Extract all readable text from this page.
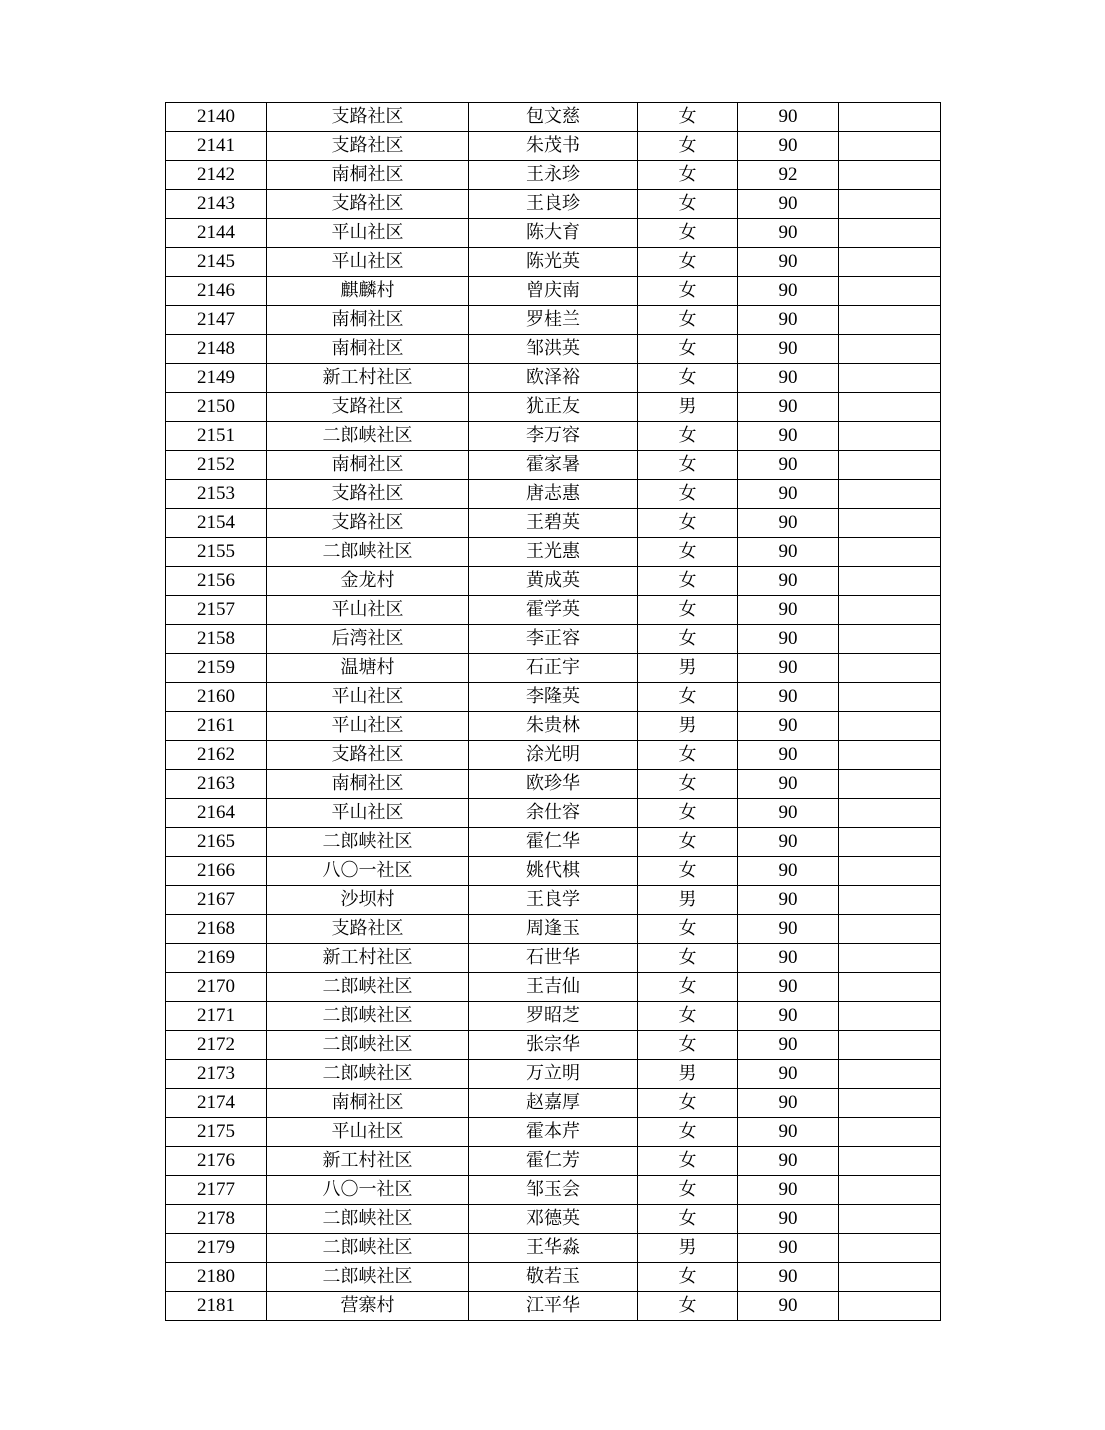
2140	支路社区	包文慈	女	90	
2141	支路社区	朱茂书	女	90	
2142	南桐社区	王永珍	女	92	
2143	支路社区	王良珍	女	90	
2144	平山社区	陈大育	女	90	
2145	平山社区	陈光英	女	90	
2146	麒麟村	曾庆南	女	90	
2147	南桐社区	罗桂兰	女	90	
2148	南桐社区	邹洪英	女	90	
2149	新工村社区	欧泽裕	女	90	
2150	支路社区	犹正友	男	90	
2151	二郎峡社区	李万容	女	90	
2152	南桐社区	霍家暑	女	90	
2153	支路社区	唐志惠	女	90	
2154	支路社区	王碧英	女	90	
2155	二郎峡社区	王光惠	女	90	
2156	金龙村	黄成英	女	90	
2157	平山社区	霍学英	女	90	
2158	后湾社区	李正容	女	90	
2159	温塘村	石正宇	男	90	
2160	平山社区	李隆英	女	90	
2161	平山社区	朱贵林	男	90	
2162	支路社区	涂光明	女	90	
2163	南桐社区	欧珍华	女	90	
2164	平山社区	余仕容	女	90	
2165	二郎峡社区	霍仁华	女	90	
2166	八〇一社区	姚代棋	女	90	
2167	沙坝村	王良学	男	90	
2168	支路社区	周逢玉	女	90	
2169	新工村社区	石世华	女	90	
2170	二郎峡社区	王吉仙	女	90	
2171	二郎峡社区	罗昭芝	女	90	
2172	二郎峡社区	张宗华	女	90	
2173	二郎峡社区	万立明	男	90	
2174	南桐社区	赵嘉厚	女	90	
2175	平山社区	霍本芹	女	90	
2176	新工村社区	霍仁芳	女	90	
2177	八〇一社区	邹玉会	女	90	
2178	二郎峡社区	邓德英	女	90	
2179	二郎峡社区	王华淼	男	90	
2180	二郎峡社区	敬若玉	女	90	
2181	营寨村	江平华	女	90	
